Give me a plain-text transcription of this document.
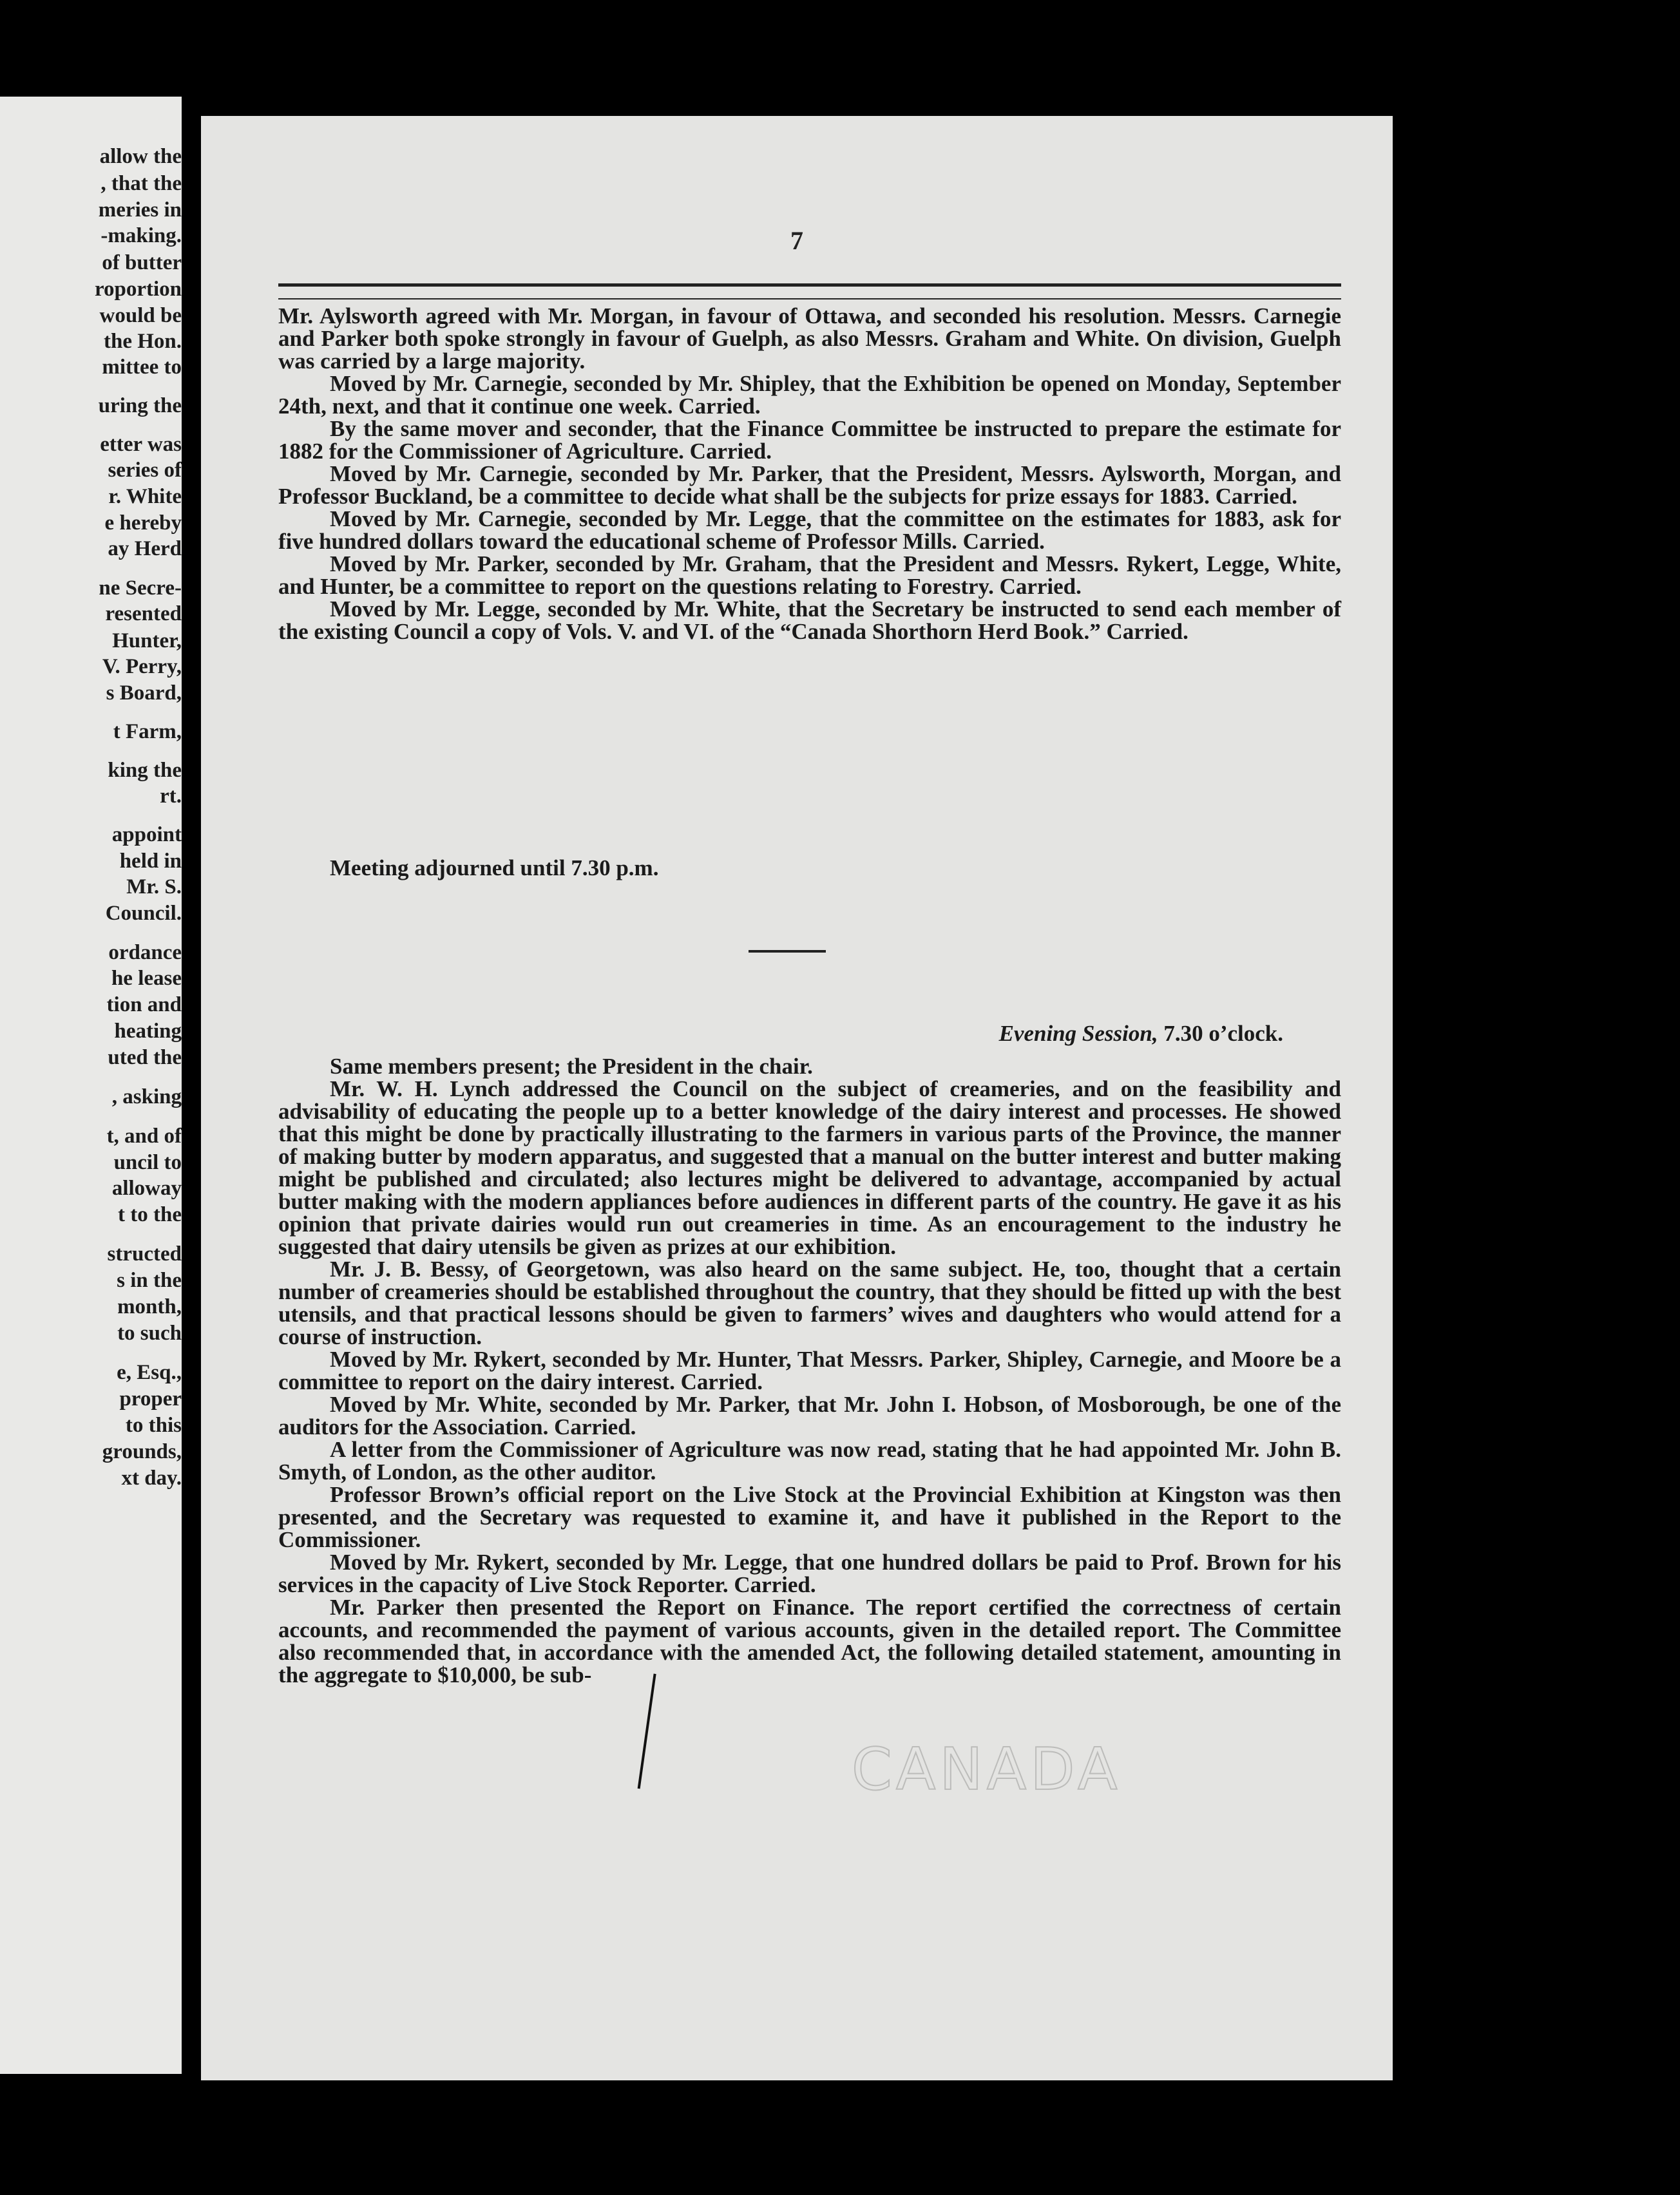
allow the
, that the
meries in
-making.
of butter
roportion
would be
the Hon.
mittee to
uring the
etter was
series of
r. White
e hereby
ay Herd
ne Secre-
resented
Hunter,
V. Perry,
s Board,
t Farm,
king the
rt.
appoint
held in
Mr. S.
Council.
ordance
he lease
tion and
heating
uted the
, asking
t, and of
uncil to
alloway
t to the
structed
s in the
month,
to such
e, Esq.,
proper
to this
grounds,
xt day.
7

Mr. Aylsworth agreed with Mr. Morgan, in favour of Ottawa, and seconded his resolution. Messrs. Carnegie and Parker both spoke strongly in favour of Guelph, as also Messrs. Graham and White. On division, Guelph was carried by a large majority.

Moved by Mr. Carnegie, seconded by Mr. Shipley, that the Exhibition be opened on Monday, September 24th, next, and that it continue one week. Carried.

By the same mover and seconder, that the Finance Committee be instructed to prepare the estimate for 1882 for the Commissioner of Agriculture. Carried.

Moved by Mr. Carnegie, seconded by Mr. Parker, that the President, Messrs. Aylsworth, Morgan, and Professor Buckland, be a committee to decide what shall be the subjects for prize essays for 1883. Carried.

Moved by Mr. Carnegie, seconded by Mr. Legge, that the committee on the estimates for 1883, ask for five hundred dollars toward the educational scheme of Professor Mills. Carried.

Moved by Mr. Parker, seconded by Mr. Graham, that the President and Messrs. Rykert, Legge, White, and Hunter, be a committee to report on the questions relating to Forestry. Carried.

Moved by Mr. Legge, seconded by Mr. White, that the Secretary be instructed to send each member of the existing Council a copy of Vols. V. and VI. of the “Canada Shorthorn Herd Book.” Carried.

Meeting adjourned until 7.30 p.m.
Evening Session, 7.30 o’clock.

Same members present; the President in the chair.

Mr. W. H. Lynch addressed the Council on the subject of creameries, and on the feasibility and advisability of educating the people up to a better knowledge of the dairy interest and processes. He showed that this might be done by practically illustrating to the farmers in various parts of the Province, the manner of making butter by modern apparatus, and suggested that a manual on the butter interest and butter making might be published and circulated; also lectures might be delivered to advantage, accompanied by actual butter making with the modern appliances before audiences in different parts of the country. He gave it as his opinion that private dairies would run out creameries in time. As an encouragement to the industry he suggested that dairy utensils be given as prizes at our exhibition.

Mr. J. B. Bessy, of Georgetown, was also heard on the same subject. He, too, thought that a certain number of creameries should be established throughout the country, that they should be fitted up with the best utensils, and that practical lessons should be given to farmers’ wives and daughters who would attend for a course of instruction.

Moved by Mr. Rykert, seconded by Mr. Hunter, That Messrs. Parker, Shipley, Carnegie, and Moore be a committee to report on the dairy interest. Carried.

Moved by Mr. White, seconded by Mr. Parker, that Mr. John I. Hobson, of Mosborough, be one of the auditors for the Association. Carried.

A letter from the Commissioner of Agriculture was now read, stating that he had appointed Mr. John B. Smyth, of London, as the other auditor.

Professor Brown’s official report on the Live Stock at the Provincial Exhibition at Kingston was then presented, and the Secretary was requested to examine it, and have it published in the Report to the Commissioner.

Moved by Mr. Rykert, seconded by Mr. Legge, that one hundred dollars be paid to Prof. Brown for his services in the capacity of Live Stock Reporter. Carried.

Mr. Parker then presented the Report on Finance. The report certified the correctness of certain accounts, and recommended the payment of various accounts, given in the detailed report. The Committee also recommended that, in accordance with the amended Act, the following detailed statement, amounting in the aggregate to $10,000, be sub-

CANADA
